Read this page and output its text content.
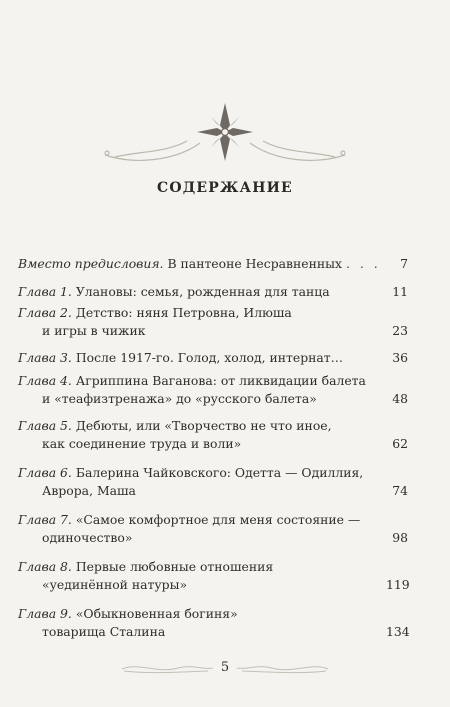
СОДЕРЖАНИЕ
Вместо предисловия. В пантеоне Несравненных . . .	7
Глава 1. Улановы: семья, рожденная для танца	11
Глава 2. Детство: няня Петровна, Илюша
и игры в чижик	23
Глава 3. После 1917-го. Голод, холод, интернат…	36
Глава 4. Агриппина Ваганова: от ликвидации балета
и «теафизтренажа» до «русского балета»	48
Глава 5. Дебюты, или «Творчество не что иное,
как соединение труда и воли»	62
Глава 6. Балерина Чайковского: Одетта — Одиллия,
Аврора, Маша	74
Глава 7. «Самое комфортное для меня состояние —
одиночество»	98
Глава 8. Первые любовные отношения
«уединённой натуры»	119
Глава 9. «Обыкновенная богиня»
товарища Сталина	134
5
